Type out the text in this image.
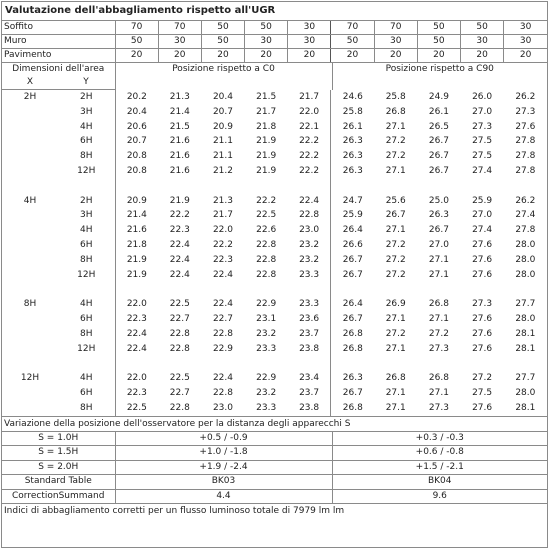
Valutazione dell'abbagliamento rispetto all'UGR
Soffito	70	70	50	50	30	70	70	50	50	30
Muro	50	30	50	30	30	50	30	50	30	30
Pavimento	20	20	20	20	20	20	20	20	20	20
Dimensioni dell'area	Posizione rispetto a C0	Posizione rispetto a C90
X	Y
2H	2H	20.2	21.3	20.4	21.5	21.7	24.6	25.8	24.9	26.0	26.2
	3H	20.4	21.4	20.7	21.7	22.0	25.8	26.8	26.1	27.0	27.3
	4H	20.6	21.5	20.9	21.8	22.1	26.1	27.1	26.5	27.3	27.6
	6H	20.7	21.6	21.1	21.9	22.2	26.3	27.2	26.7	27.5	27.8
	8H	20.8	21.6	21.1	21.9	22.2	26.3	27.2	26.7	27.5	27.8
	12H	20.8	21.6	21.2	21.9	22.2	26.3	27.1	26.7	27.4	27.8

4H	2H	20.9	21.9	21.3	22.2	22.4	24.7	25.6	25.0	25.9	26.2
	3H	21.4	22.2	21.7	22.5	22.8	25.9	26.7	26.3	27.0	27.4
	4H	21.6	22.3	22.0	22.6	23.0	26.4	27.1	26.7	27.4	27.8
	6H	21.8	22.4	22.2	22.8	23.2	26.6	27.2	27.0	27.6	28.0
	8H	21.9	22.4	22.3	22.8	23.2	26.7	27.2	27.1	27.6	28.0
	12H	21.9	22.4	22.4	22.8	23.3	26.7	27.2	27.1	27.6	28.0

8H	4H	22.0	22.5	22.4	22.9	23.3	26.4	26.9	26.8	27.3	27.7
	6H	22.3	22.7	22.7	23.1	23.6	26.7	27.1	27.1	27.6	28.0
	8H	22.4	22.8	22.8	23.2	23.7	26.8	27.2	27.2	27.6	28.1
	12H	22.4	22.8	22.9	23.3	23.8	26.8	27.1	27.3	27.6	28.1

12H	4H	22.0	22.5	22.4	22.9	23.4	26.3	26.8	26.8	27.2	27.7
	6H	22.3	22.7	22.8	23.2	23.7	26.7	27.1	27.1	27.5	28.0
	8H	22.5	22.8	23.0	23.3	23.8	26.8	27.1	27.3	27.6	28.1
Variazione della posizione dell'osservatore per la distanza degli apparecchi S
S = 1.0H	+0.5 / -0.9	+0.3 / -0.3
S = 1.5H	+1.0 / -1.8	+0.6 / -0.8
S = 2.0H	+1.9 / -2.4	+1.5 / -2.1
Standard Table	BK03	BK04
CorrectionSummand	4.4	9.6
Indici di abbagliamento corretti per un flusso luminoso totale di 7979 lm lm
